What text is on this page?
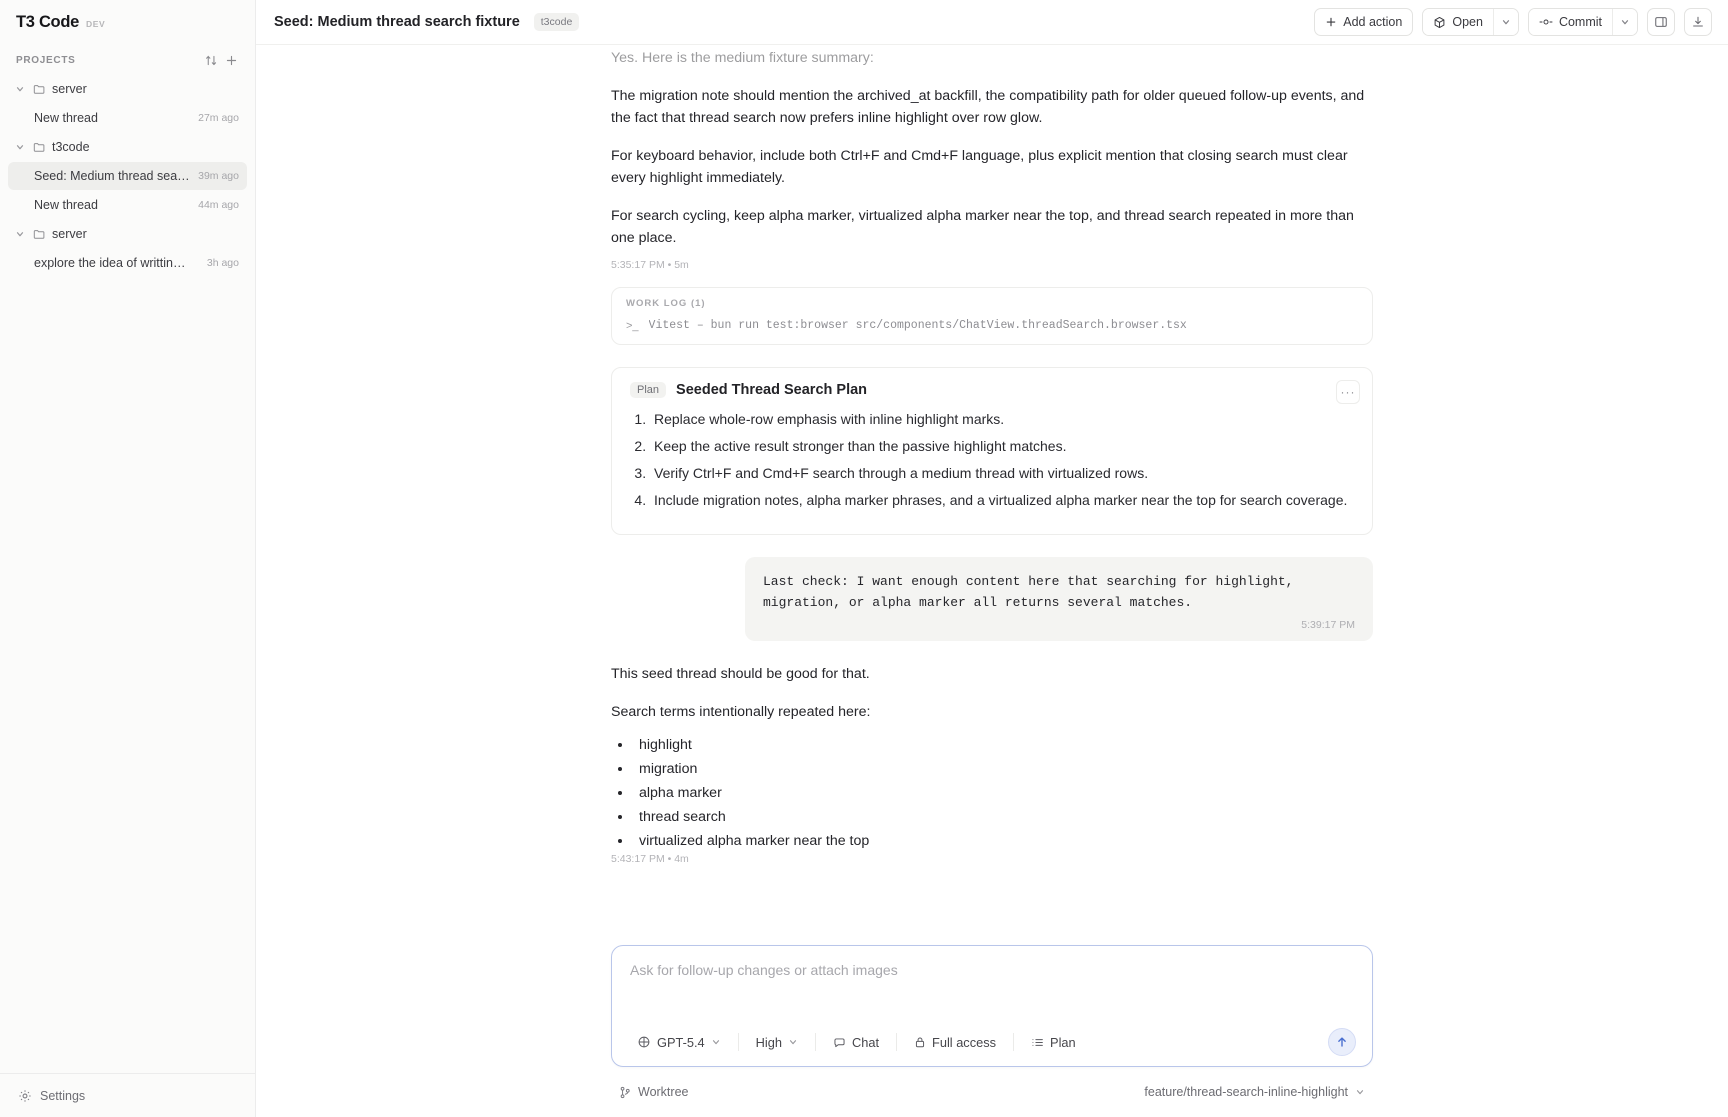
T3 Code DEV
PROJECTS
server
New thread	27m ago
t3code
Seed: Medium thread sea… 39m ago
New thread	44m ago
server
explore the idea of writtin…	3h ago
Settings
Seed: Medium thread search fixture	t3code	Add action	Open	Commit

Yes. Here is the medium fixture summary:

The migration note should mention the archived_at backfill, the compatibility path for older queued follow-up events, and the fact that thread search now prefers inline highlight over row glow.

For keyboard behavior, include both Ctrl+F and Cmd+F language, plus explicit mention that closing search must clear every highlight immediately.

For search cycling, keep alpha marker, virtualized alpha marker near the top, and thread search repeated in more than one place.

5:35:17 PM • 5m
WORK LOG (1)
>_ Vitest – bun run test:browser src/components/ChatView.threadSearch.browser.tsx
···
Plan	Seeded Thread Search Plan
1. Replace whole-row emphasis with inline highlight marks.
2. Keep the active result stronger than the passive highlight matches.
3. Verify Ctrl+F and Cmd+F search through a medium thread with virtualized rows.
4. Include migration notes, alpha marker phrases, and a virtualized alpha marker near the top for search coverage.
Last check: I want enough content here that searching for highlight, migration, or alpha marker all returns several matches.
5:39:17 PM

This seed thread should be good for that.

Search terms intentionally repeated here:

• highlight
• migration
• alpha marker
• thread search
• virtualized alpha marker near the top
5:43:17 PM • 4m
Ask for follow-up changes or attach images
GPT-5.4	High	Chat	Full access	Plan
Worktree	feature/thread-search-inline-highlight
